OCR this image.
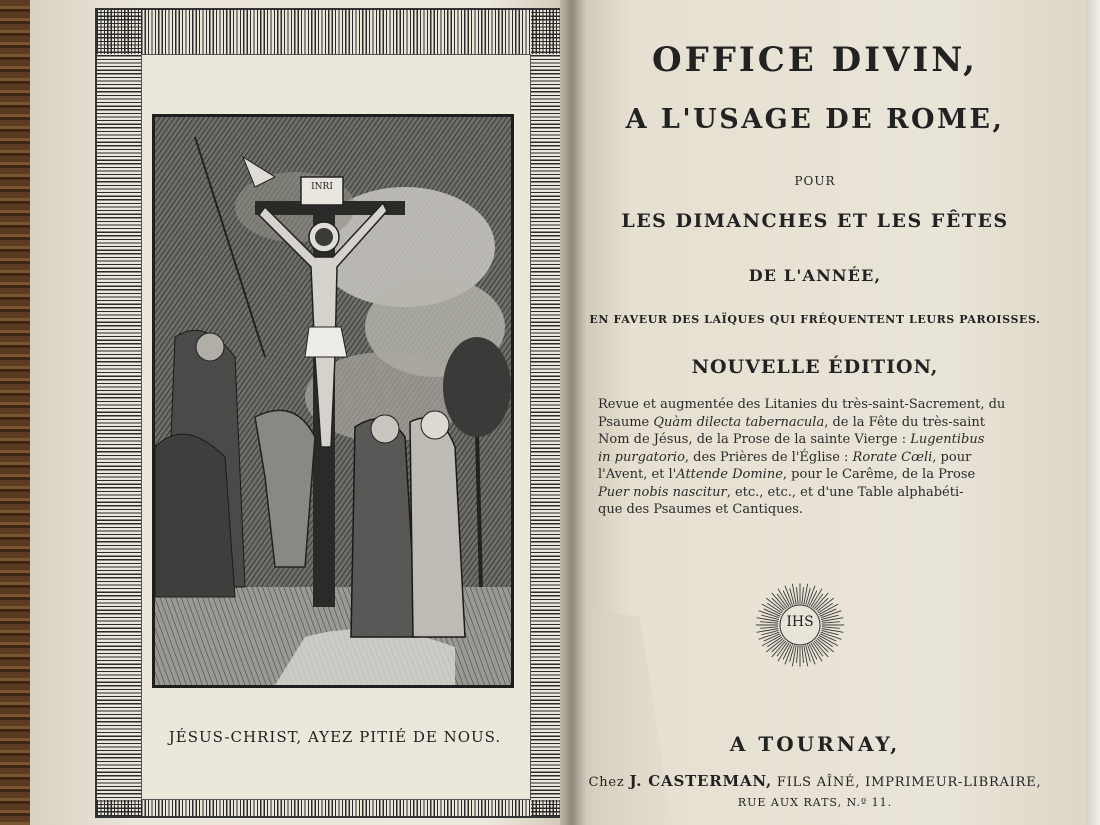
INRI
JÉSUS-CHRIST, AYEZ PITIÉ DE NOUS.
OFFICE DIVIN,
A L'USAGE DE ROME,
POUR
LES DIMANCHES ET LES FÊTES
DE L'ANNÉE,
EN FAVEUR DES LAÏQUES QUI FRÉQUENTENT LEURS PAROISSES.
NOUVELLE ÉDITION,
Revue et augmentée des Litanies du très-saint-Sacrement, du
Psaume Quàm dilecta tabernacula, de la Fête du très-saint
Nom de Jésus, de la Prose de la sainte Vierge : Lugentibus
in purgatorio, des Prières de l'Église : Rorate Cœli, pour
l'Avent, et l'Attende Domine, pour le Carême, de la Prose
Puer nobis nascitur, etc., etc., et d'une Table alphabéti-
que des Psaumes et Cantiques.
IHS
A TOURNAY,
Chez J. CASTERMAN, FILS AÎNÉ, IMPRIMEUR-LIBRAIRE,
RUE AUX RATS, N.º 11.
